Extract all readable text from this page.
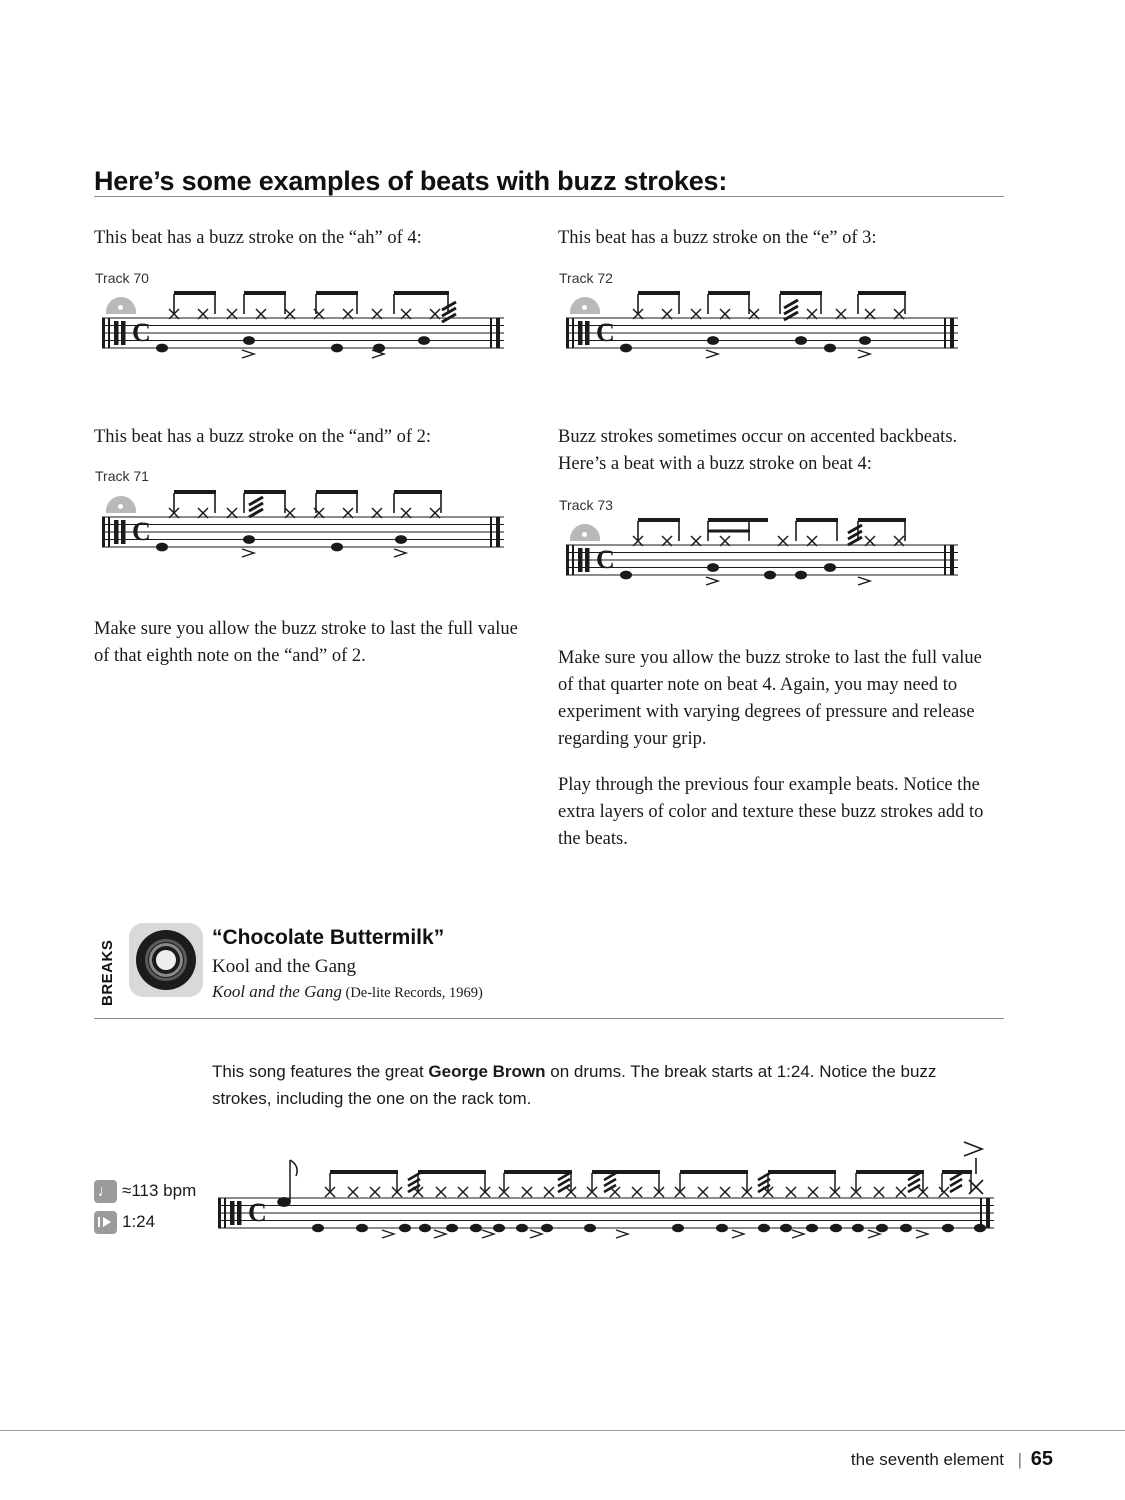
Here’s some examples of beats with buzz strokes:
This beat has a buzz stroke on the “ah” of 4:
Track 70
C
This beat has a buzz stroke on the “e” of 3:
Track 72
C
This beat has a buzz stroke on the “and” of 2:
Track 71
C
Buzz strokes sometimes occur on accented backbeats. Here’s a beat with a buzz stroke on beat 4:
Track 73
C
Make sure you allow the buzz stroke to last the full value of that eighth note on the “and” of 2.	Make sure you allow the buzz stroke to last the full value of that quarter note on beat 4. Again, you may need to experiment with varying degrees of pressure and release regarding your grip.
Play through the previous four example beats. Notice the extra layers of color and texture these buzz strokes add to the beats.
BREAKS
“Chocolate Buttermilk”
Kool and the Gang
Kool and the Gang (De-lite Records, 1969)
This song features the great George Brown on drums. The break starts at 1:24. Notice the buzz strokes, including the one on the rack tom.
♩ ≈113 bpm
1:24	C
the seventh element | 65
